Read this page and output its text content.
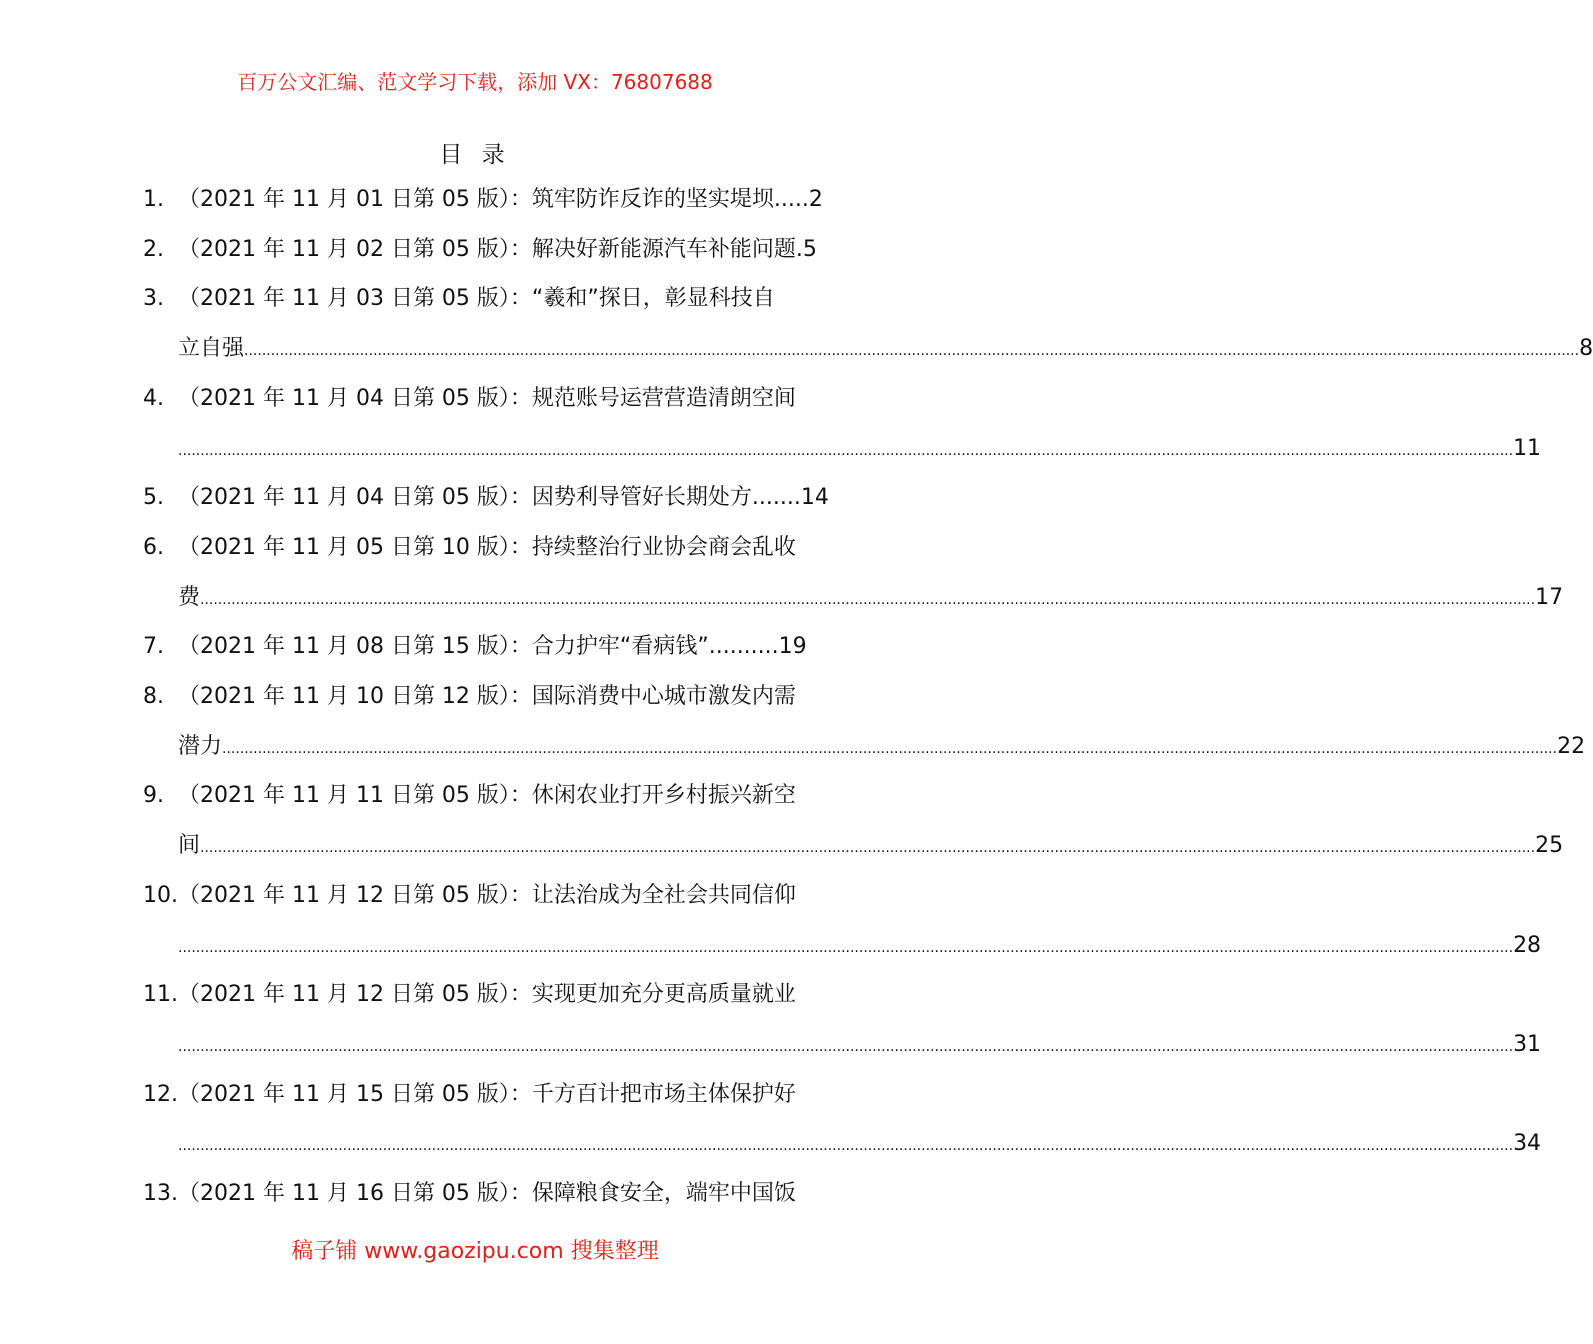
百万公文汇编、范文学习下载，添加 VX：76807688
目 录
1. （2021 年 11 月 01 日第 05 版）：筑牢防诈反诈的坚实堤坝.....2
2. （2021 年 11 月 02 日第 05 版）：解决好新能源汽车补能问题.5
3. （2021 年 11 月 03 日第 05 版）：“羲和”探日，彰显科技自
立自强 ............................................................................................................................................................................................................................................................................................................ 8
4. （2021 年 11 月 04 日第 05 版）：规范账号运营营造清朗空间
............................................................................................................................................................................................................................................................................................................ 11
5. （2021 年 11 月 04 日第 05 版）：因势利导管好长期处方.......14
6. （2021 年 11 月 05 日第 10 版）：持续整治行业协会商会乱收
费 ............................................................................................................................................................................................................................................................................................................ 17
7. （2021 年 11 月 08 日第 15 版）：合力护牢“看病钱”..........19
8. （2021 年 11 月 10 日第 12 版）：国际消费中心城市激发内需
潜力 ............................................................................................................................................................................................................................................................................................................ 22
9. （2021 年 11 月 11 日第 05 版）：休闲农业打开乡村振兴新空
间 ............................................................................................................................................................................................................................................................................................................ 25
10. （2021 年 11 月 12 日第 05 版）：让法治成为全社会共同信仰
............................................................................................................................................................................................................................................................................................................ 28
11. （2021 年 11 月 12 日第 05 版）：实现更加充分更高质量就业
............................................................................................................................................................................................................................................................................................................ 31
12. （2021 年 11 月 15 日第 05 版）：千方百计把市场主体保护好
............................................................................................................................................................................................................................................................................................................ 34
13. （2021 年 11 月 16 日第 05 版）：保障粮食安全，端牢中国饭
稿子铺 www.gaozipu.com 搜集整理
